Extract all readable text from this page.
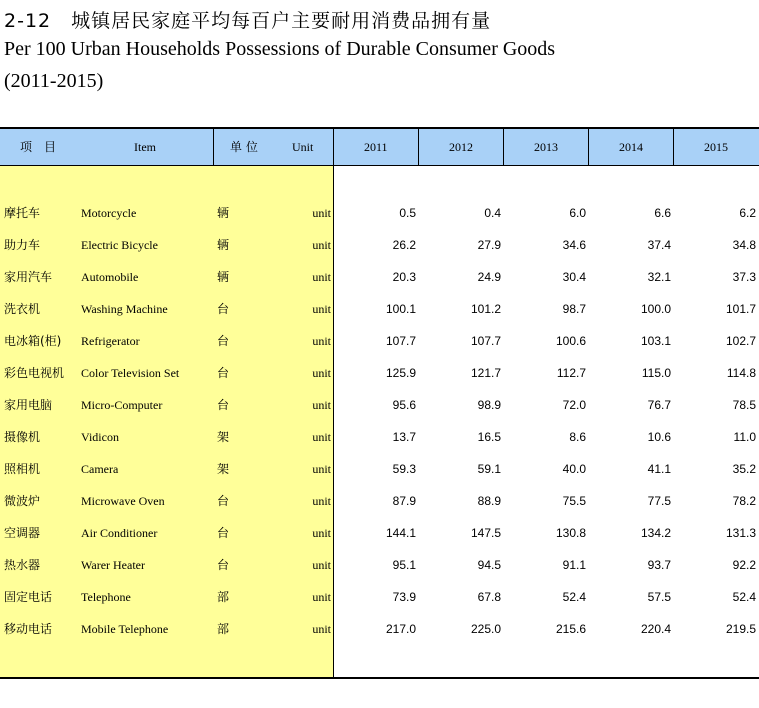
2-12　城镇居民家庭平均每百户主要耐用消费品拥有量
Per 100 Urban Households Possessions of Durable Consumer Goods
(2011-2015)
项　目	Item	单 位	Unit	2011	2012	2013	2014	2015
摩托车	Motorcycle	辆	unit	0.5	0.4	6.0	6.6	6.2
助力车	Electric Bicycle	辆	unit	26.2	27.9	34.6	37.4	34.8
家用汽车 Automobile	辆	unit	20.3	24.9	30.4	32.1	37.3
洗衣机	Washing Machine	台	unit	100.1	101.2	98.7	100.0	101.7
电冰箱(柜) Refrigerator	台	unit	107.7	107.7	100.6	103.1	102.7
彩色电视机 Color Television Set	台	unit	125.9	121.7	112.7	115.0	114.8
家用电脑 Micro-Computer	台	unit	95.6	98.9	72.0	76.7	78.5
摄像机	Vidicon	架	unit	13.7	16.5	8.6	10.6	11.0
照相机	Camera	架	unit	59.3	59.1	40.0	41.1	35.2
微波炉	Microwave Oven	台	unit	87.9	88.9	75.5	77.5	78.2
空调器	Air Conditioner	台	unit	144.1	147.5	130.8	134.2	131.3
热水器	Warer Heater	台	unit	95.1	94.5	91.1	93.7	92.2
固定电话 Telephone	部	unit	73.9	67.8	52.4	57.5	52.4
移动电话 Mobile Telephone	部	unit	217.0	225.0	215.6	220.4	219.5
